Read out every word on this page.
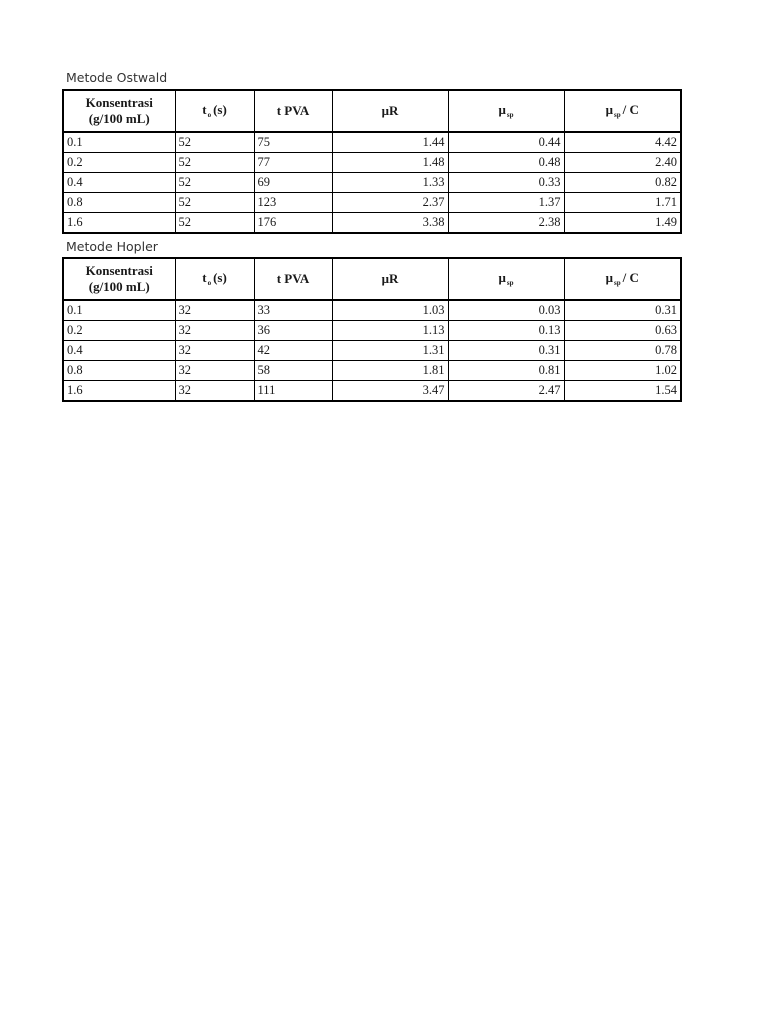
Metode Ostwald
Konsentrasi
(g/100 mL)	$t_o$ (s)	t PVA	μR	$\mu_{sp}$	$\mu_{sp}$ / C
0.1	52	75	1.44	0.44	4.42
0.2	52	77	1.48	0.48	2.40
0.4	52	69	1.33	0.33	0.82
0.8	52	123	2.37	1.37	1.71
1.6	52	176	3.38	2.38	1.49
Metode Hopler
Konsentrasi
(g/100 mL)	$t_o$ (s)	t PVA	μR	$\mu_{sp}$	$\mu_{sp}$ / C
0.1	32	33	1.03	0.03	0.31
0.2	32	36	1.13	0.13	0.63
0.4	32	42	1.31	0.31	0.78
0.8	32	58	1.81	0.81	1.02
1.6	32	111	3.47	2.47	1.54
